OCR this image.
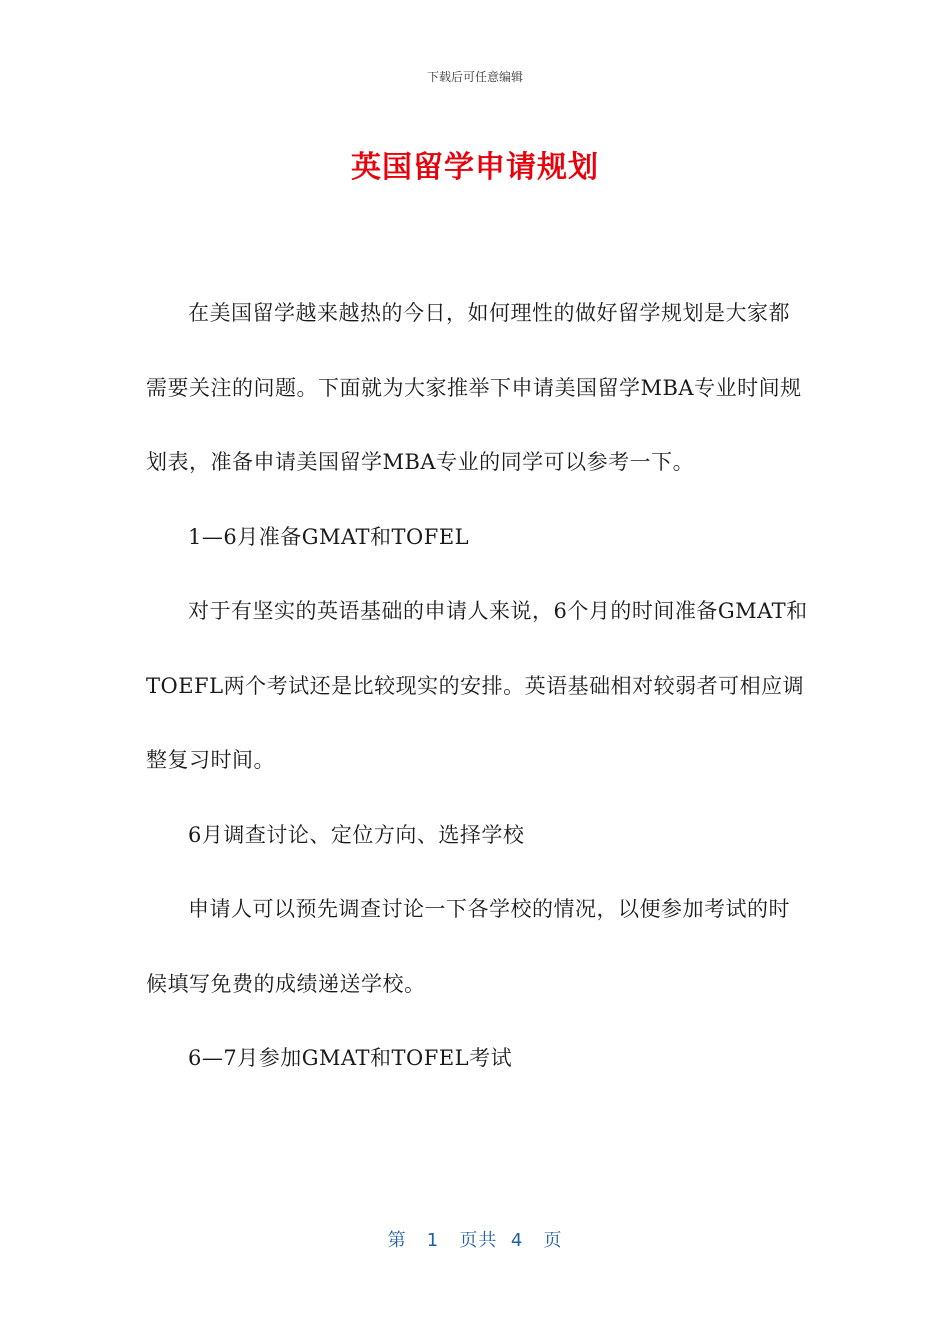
下载后可任意编辑
英国留学申请规划

在美国留学越来越热的今日，如何理性的做好留学规划是大家都需要关注的问题。下面就为大家推举下申请美国留学MBA专业时间规划表，准备申请美国留学MBA专业的同学可以参考一下。

1—6月准备GMAT和TOFEL

对于有坚实的英语基础的申请人来说，6个月的时间准备GMAT和TOEFL两个考试还是比较现实的安排。英语基础相对较弱者可相应调整复习时间。

6月调查讨论、定位方向、选择学校

申请人可以预先调查讨论一下各学校的情况，以便参加考试的时候填写免费的成绩递送学校。

6—7月参加GMAT和TOFEL考试

第 1 页共 4 页
